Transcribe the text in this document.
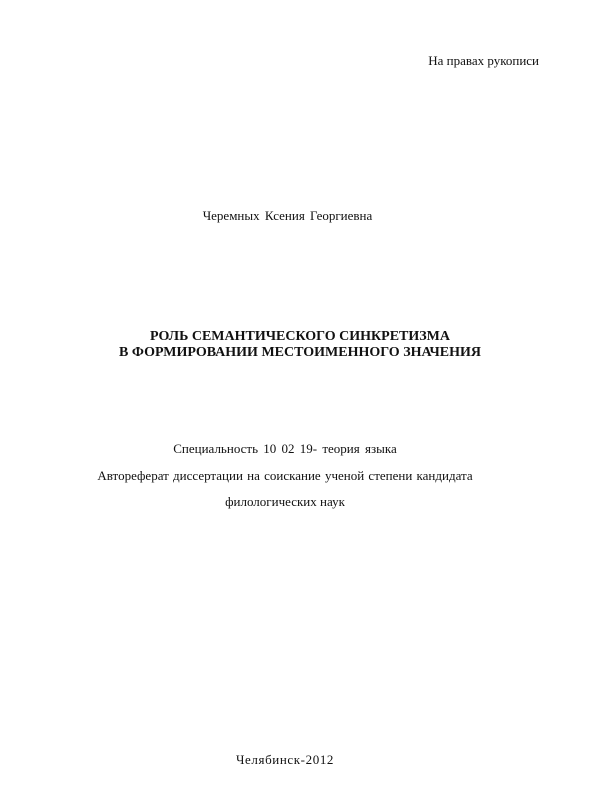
На правах рукописи
Черемных Ксения Георгиевна
РОЛЬ СЕМАНТИЧЕСКОГО СИНКРЕТИЗМА
В ФОРМИРОВАНИИ МЕСТОИМЕННОГО ЗНАЧЕНИЯ
Специальность 10 02 19- теория языка
Автореферат диссертации на соискание ученой степени кандидата
филологических наук
Челябинск-2012
